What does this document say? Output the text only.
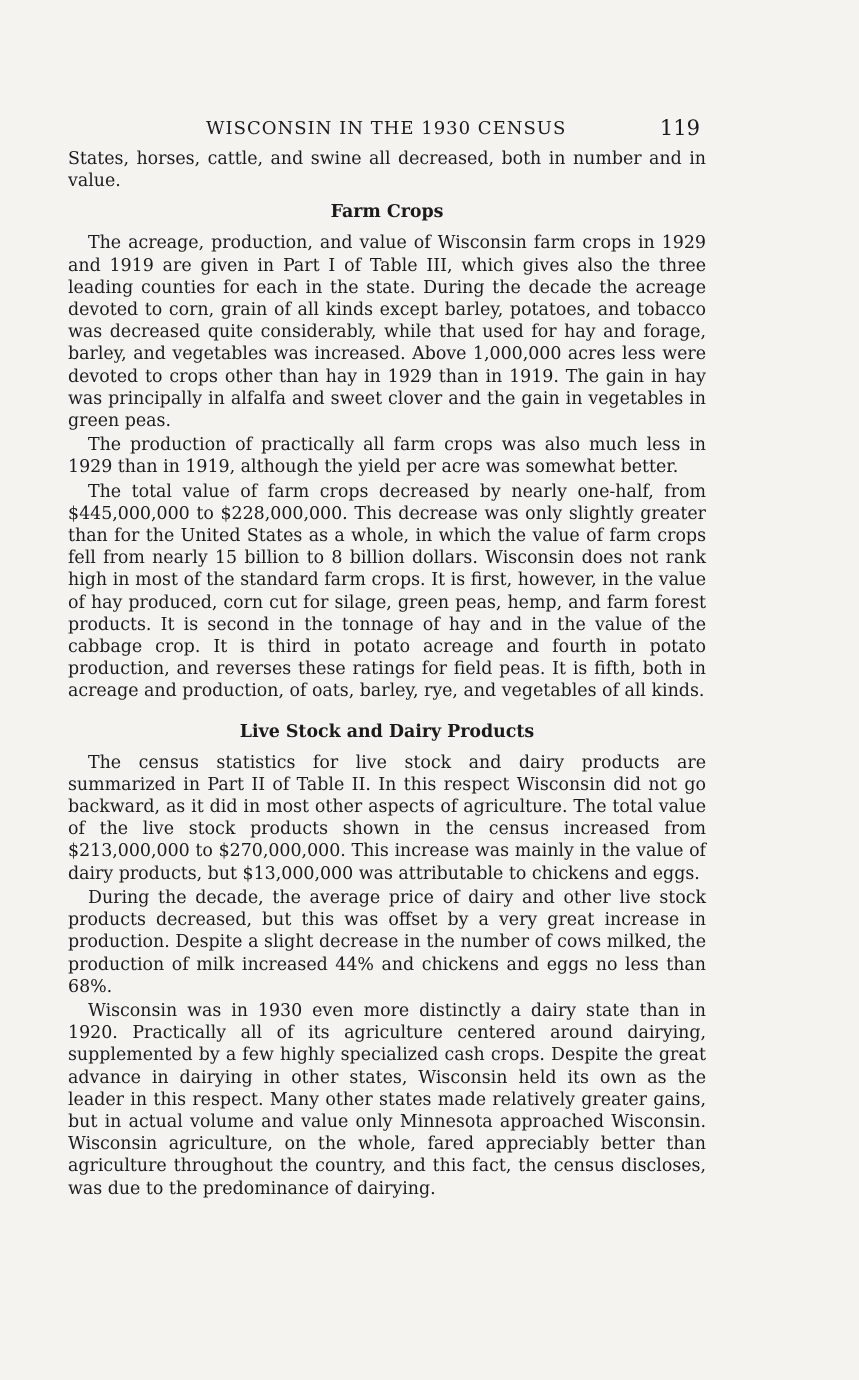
WISCONSIN IN THE 1930 CENSUS	119

States, horses, cattle, and swine all decreased, both in number and in value.

Farm Crops

The acreage, production, and value of Wisconsin farm crops in 1929 and 1919 are given in Part I of Table III, which gives also the three leading counties for each in the state. During the decade the acreage devoted to corn, grain of all kinds except barley, potatoes, and tobacco was decreased quite considerably, while that used for hay and forage, barley, and vegetables was increased. Above 1,000,000 acres less were devoted to crops other than hay in 1929 than in 1919. The gain in hay was principally in alfalfa and sweet clover and the gain in vegetables in green peas.

The production of practically all farm crops was also much less in 1929 than in 1919, although the yield per acre was somewhat better.

The total value of farm crops decreased by nearly one-half, from $445,000,000 to $228,000,000. This decrease was only slightly greater than for the United States as a whole, in which the value of farm crops fell from nearly 15 billion to 8 billion dollars. Wisconsin does not rank high in most of the standard farm crops. It is first, however, in the value of hay produced, corn cut for silage, green peas, hemp, and farm forest products. It is second in the tonnage of hay and in the value of the cabbage crop. It is third in potato acreage and fourth in potato production, and reverses these ratings for field peas. It is fifth, both in acreage and production, of oats, barley, rye, and vegetables of all kinds.

Live Stock and Dairy Products

The census statistics for live stock and dairy products are summarized in Part II of Table II. In this respect Wisconsin did not go backward, as it did in most other aspects of agriculture. The total value of the live stock products shown in the census increased from $213,000,000 to $270,000,000. This increase was mainly in the value of dairy products, but $13,000,000 was attributable to chickens and eggs.

During the decade, the average price of dairy and other live stock products decreased, but this was offset by a very great increase in production. Despite a slight decrease in the number of cows milked, the production of milk increased 44% and chickens and eggs no less than 68%.

Wisconsin was in 1930 even more distinctly a dairy state than in 1920. Practically all of its agriculture centered around dairying, supplemented by a few highly specialized cash crops. Despite the great advance in dairying in other states, Wisconsin held its own as the leader in this respect. Many other states made relatively greater gains, but in actual volume and value only Minnesota approached Wisconsin. Wisconsin agriculture, on the whole, fared appreciably better than agriculture throughout the country, and this fact, the census discloses, was due to the predominance of dairying.
